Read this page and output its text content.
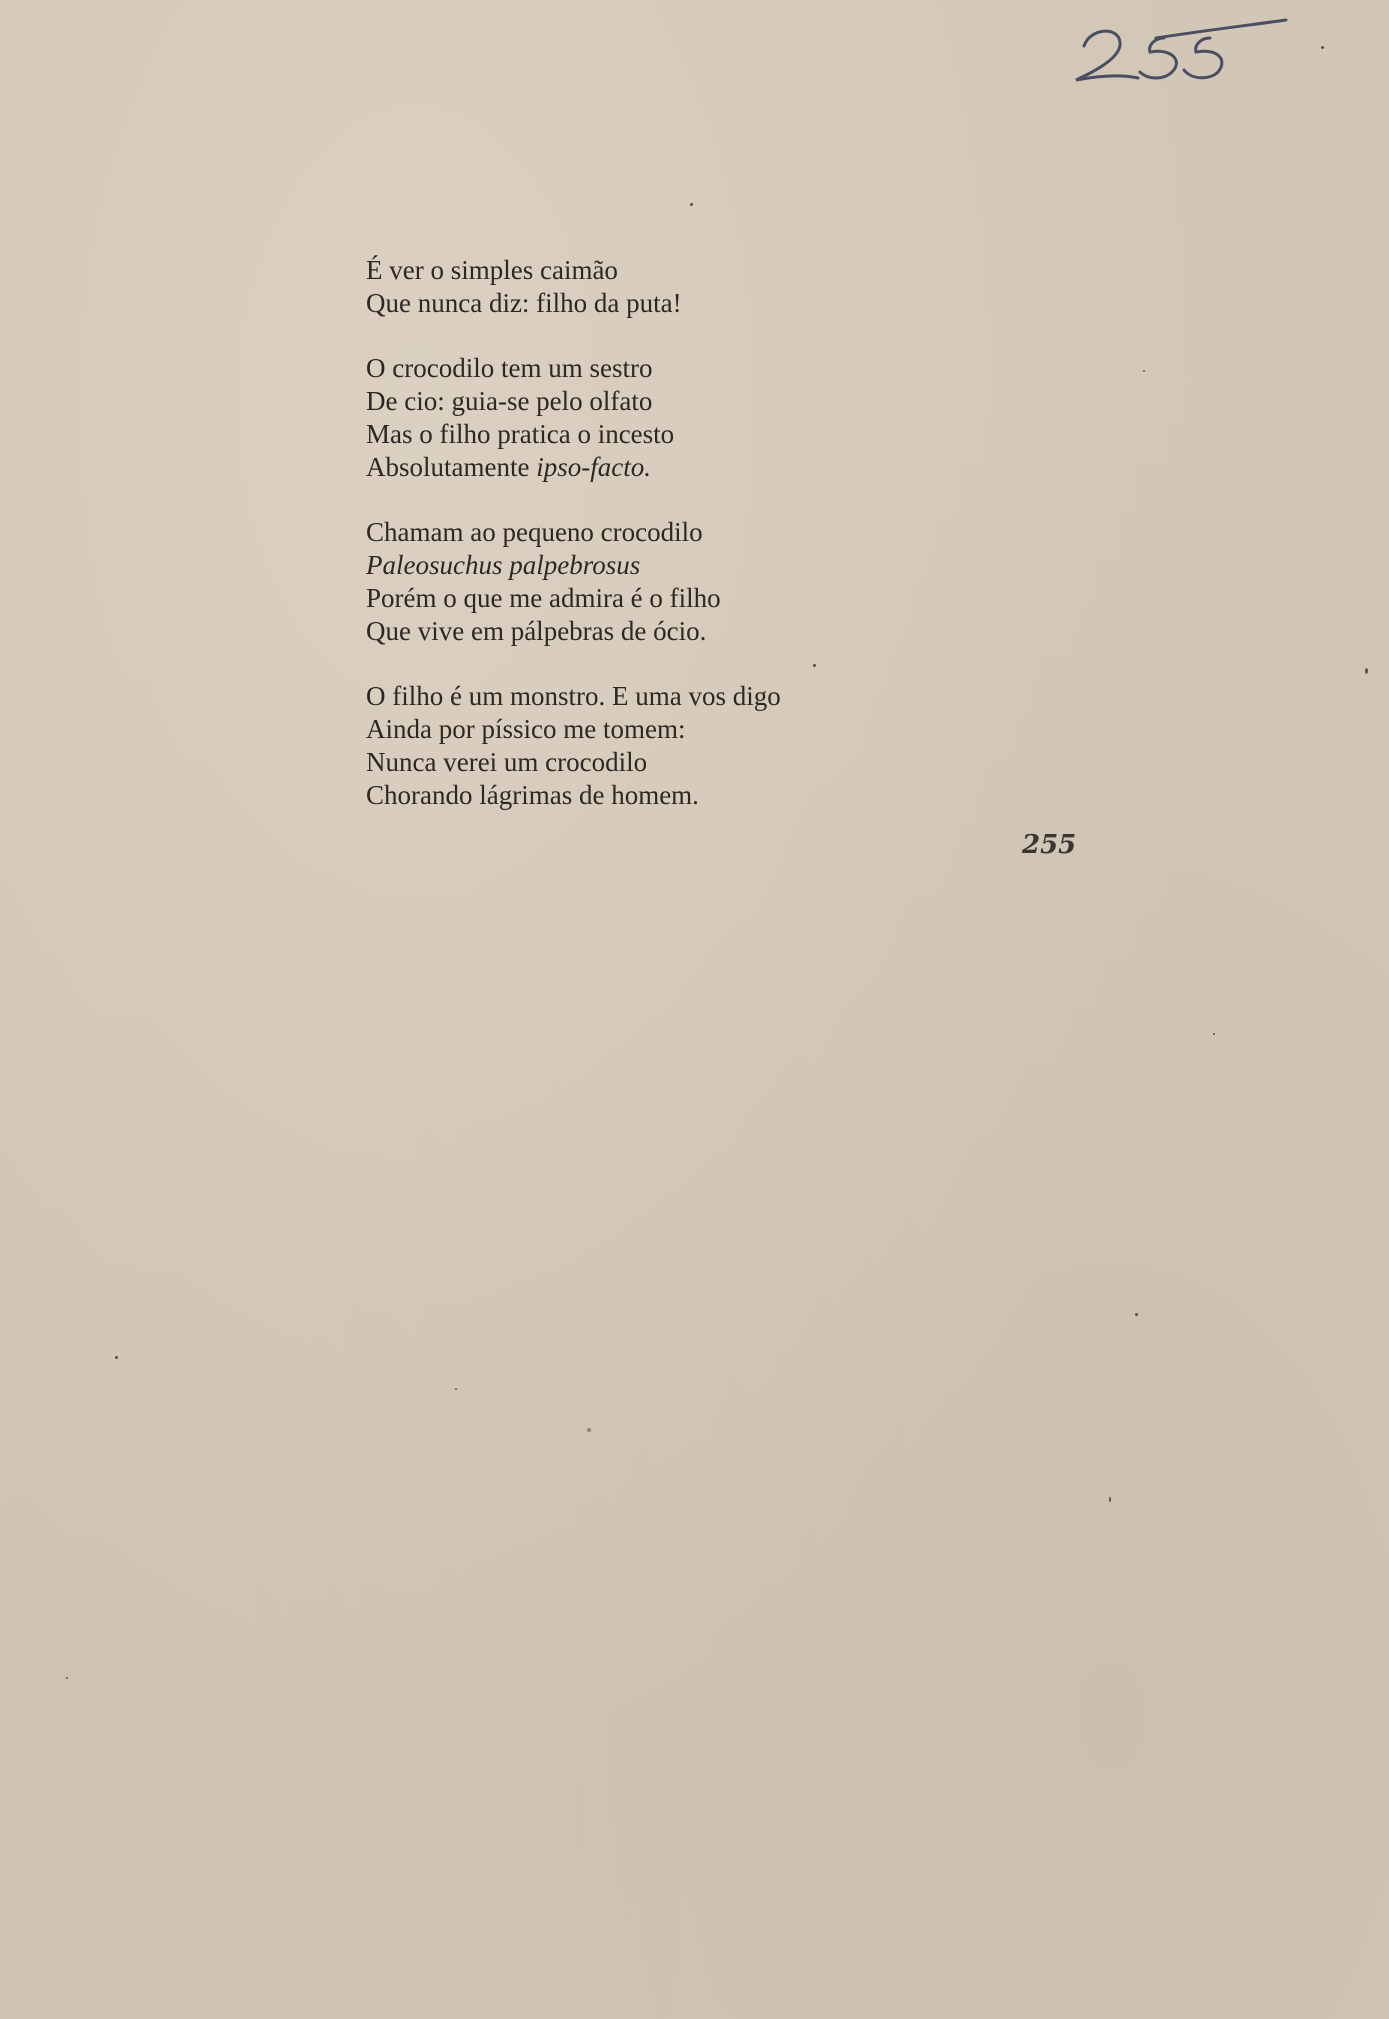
É ver o simples caimão
Que nunca diz: filho da puta!
O crocodilo tem um sestro
De cio: guia-se pelo olfato
Mas o filho pratica o incesto
Absolutamente ipso-facto.
Chamam ao pequeno crocodilo
Paleosuchus palpebrosus
Porém o que me admira é o filho
Que vive em pálpebras de ócio.
O filho é um monstro. E uma vos digo
Ainda por píssico me tomem:
Nunca verei um crocodilo
Chorando lágrimas de homem.
255
